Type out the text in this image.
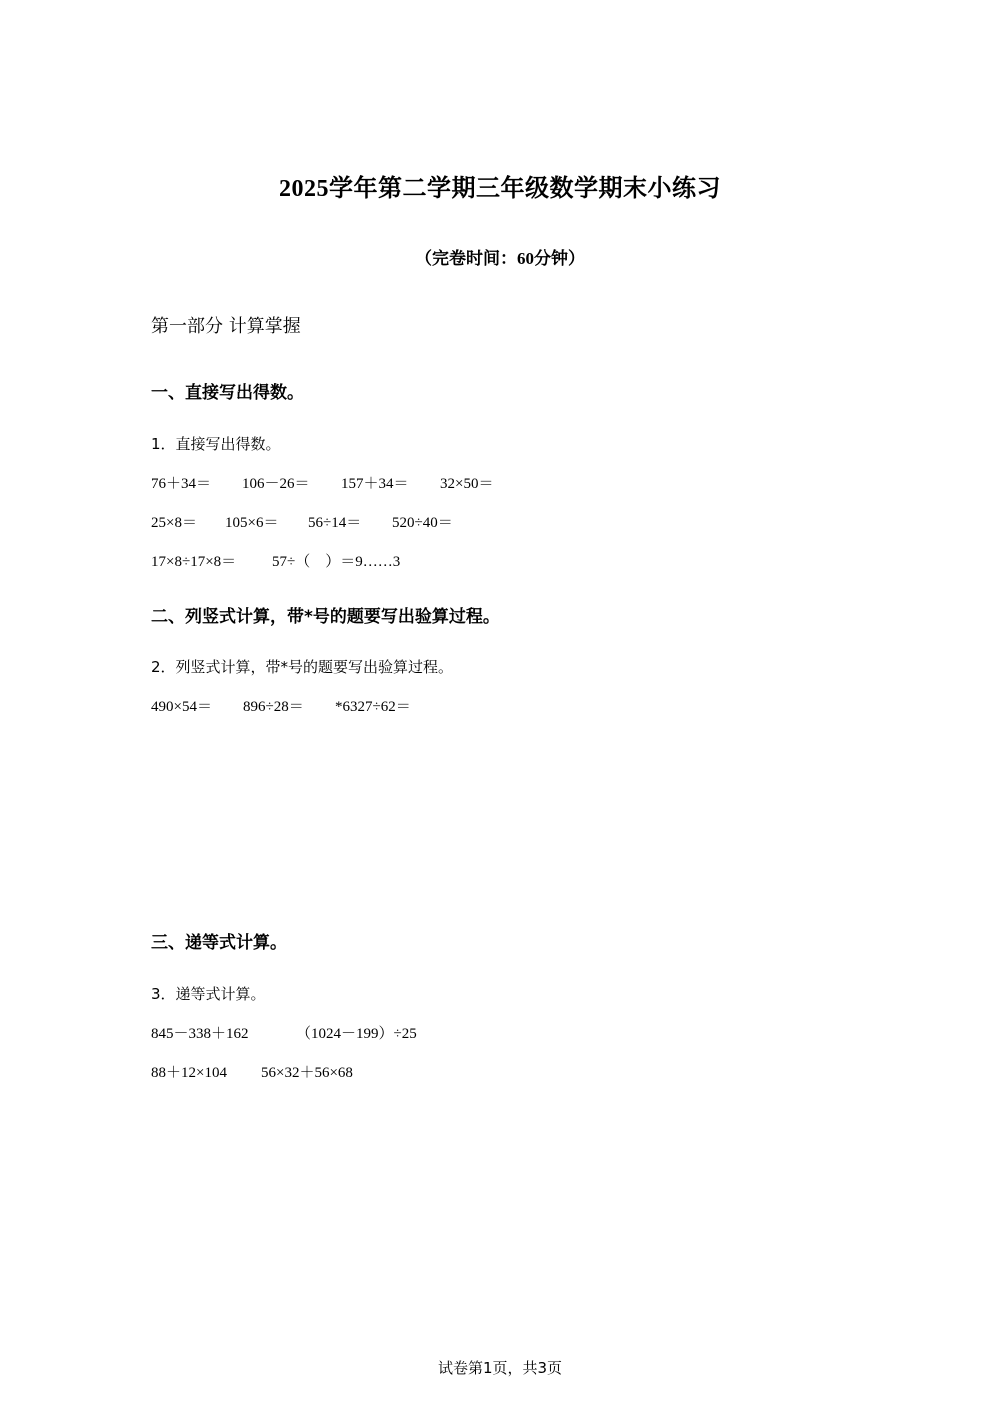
2025学年第二学期三年级数学期末小练习
（完卷时间：60分钟）
第一部分 计算掌握
一、直接写出得数。
1．直接写出得数。
76＋34＝	106－26＝	157＋34＝	32×50＝
25×8＝	105×6＝	56÷14＝	520÷40＝
17×8÷17×8＝	57÷（　）＝9……3
二、列竖式计算，带*号的题要写出验算过程。
2．列竖式计算，带*号的题要写出验算过程。
490×54＝	896÷28＝	*6327÷62＝
三、递等式计算。
3．递等式计算。
845－338＋162	（1024－199）÷25
88＋12×104	56×32＋56×68
试卷第1页，共3页
